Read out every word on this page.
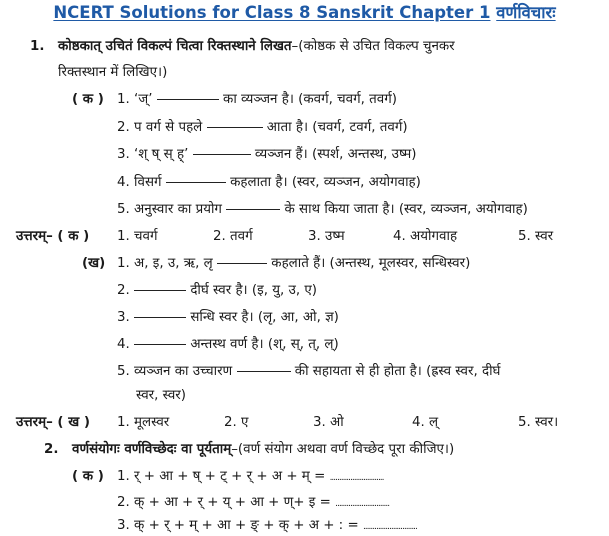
NCERT Solutions for Class 8 Sanskrit Chapter 1 वर्णविचारः
1. कोष्ठकात् उचितं विकल्पं चित्वा रिक्तस्थाने लिखत–(कोष्ठक से उचित विकल्प चुनकर
रिक्तस्थान में लिखिए।)
( क ) 1. ‘ज्’	का व्यञ्जन है। (कवर्ग, चवर्ग, तवर्ग)
2. प वर्ग से पहले	आता है। (चवर्ग, टवर्ग, तवर्ग)
3. ‘श् ष् स् ह्’	व्यञ्जन हैं। (स्पर्श, अन्तस्थ, उष्म)
4. विसर्ग	कहलाता है। (स्वर, व्यञ्जन, अयोगवाह)
5. अनुस्वार का प्रयोग	के साथ किया जाता है। (स्वर, व्यञ्जन, अयोगवाह)
उत्तरम्– ( क ) 1. चवर्ग	2. तवर्ग	3. उष्म	4. अयोगवाह	5. स्वर
(ख) 1. अ, इ, उ, ऋ, लृ	कहलाते हैं। (अन्तस्थ, मूलस्वर, सन्धिस्वर)
2.	दीर्घ स्वर है। (इ, यु, उ, ए)
3.	सन्धि स्वर है। (लृ, आ, ओ, ज्ञ)
4.	अन्तस्थ वर्ण है। (श्, स्, त्, ल्)
5. व्यञ्जन का उच्चारण	की सहायता से ही होता है। (ह्रस्व स्वर, दीर्घ
स्वर, स्वर)
उत्तरम्– ( ख ) 1. मूलस्वर	2. ए	3. ओ	4. ल्	5. स्वर।
2. वर्णसंयोगः वर्णविच्छेदः वा पूर्यताम्–(वर्ण संयोग अथवा वर्ण विच्छेद पूरा कीजिए।)
( क ) 1. र् + आ + ष् + ट् + र् + अ + म् = .............................
2. क् + आ + र् + य् + आ + ण्+ इ = .............................
3. क् + र् + म् + आ + ङ् + क् + अ + : = .............................
